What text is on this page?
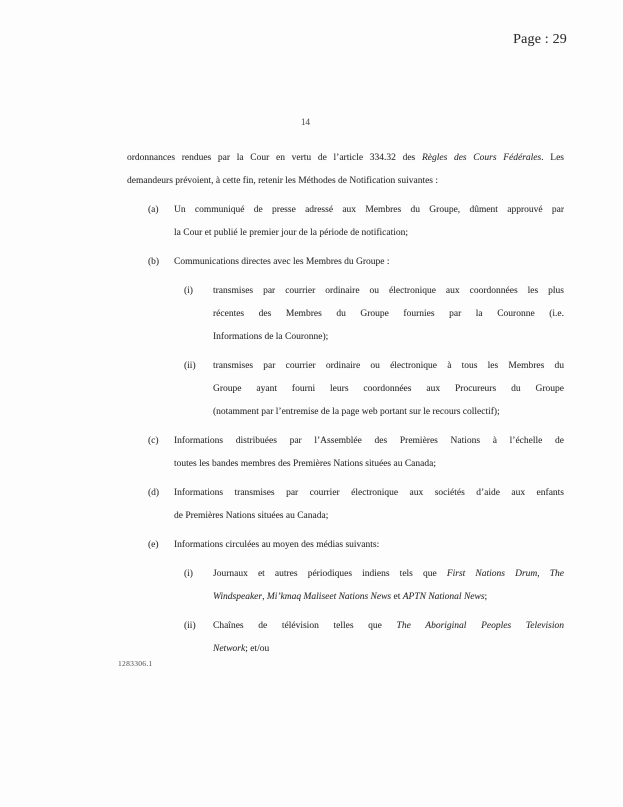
Page : 29
14
ordonnances rendues par la Cour en vertu de l’article 334.32 des Règles des Cours Fédérales. Les
demandeurs prévoient, à cette fin, retenir les Méthodes de Notification suivantes :
(a)	Un communiqué de presse adressé aux Membres du Groupe, dûment approuvé par
la Cour et publié le premier jour de la période de notification;
(b)	Communications directes avec les Membres du Groupe :
(i)	transmises par courrier ordinaire ou électronique aux coordonnées les plus
récentes des Membres du Groupe fournies par la Couronne (i.e.
Informations de la Couronne);
(ii)	transmises par courrier ordinaire ou électronique à tous les Membres du
Groupe ayant fourni leurs coordonnées aux Procureurs du Groupe
(notamment par l’entremise de la page web portant sur le recours collectif);
(c)	Informations distribuées par l’Assemblée des Premières Nations à l’échelle de
toutes les bandes membres des Premières Nations situées au Canada;
(d)	Informations transmises par courrier électronique aux sociétés d’aide aux enfants
de Premières Nations situées au Canada;
(e)	Informations circulées au moyen des médias suivants:
(i)	Journaux et autres périodiques indiens tels que First Nations Drum, The
Windspeaker, Mi’kmaq Maliseet Nations News et APTN National News;
(ii)	Chaînes de télévision telles que The Aboriginal Peoples Television
Network; et/ou
1283306.1
